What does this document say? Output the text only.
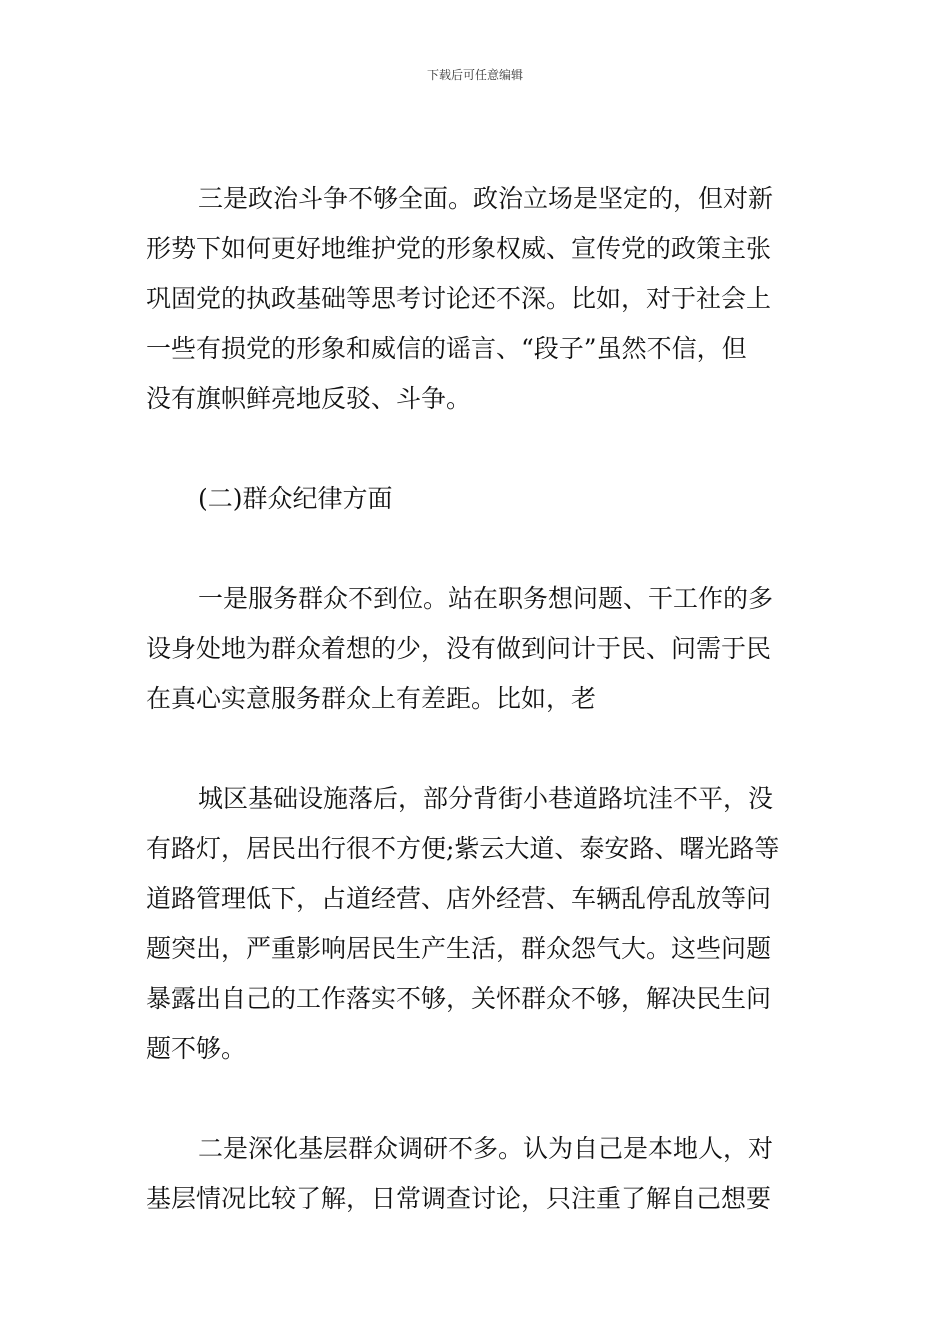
下载后可任意编辑
三是政治斗争不够全面。政治立场是坚定的，但对新
形势下如何更好地维护党的形象权威、宣传党的政策主张
巩固党的执政基础等思考讨论还不深。比如，对于社会上
一些有损党的形象和威信的谣言、“段子”虽然不信，但
没有旗帜鲜亮地反驳、斗争。
(二)群众纪律方面
一是服务群众不到位。站在职务想问题、干工作的多
设身处地为群众着想的少，没有做到问计于民、问需于民
在真心实意服务群众上有差距。比如，老
城区基础设施落后，部分背街小巷道路坑洼不平，没
有路灯，居民出行很不方便;紫云大道、泰安路、曙光路等
道路管理低下，占道经营、店外经营、车辆乱停乱放等问
题突出，严重影响居民生产生活，群众怨气大。这些问题
暴露出自己的工作落实不够，关怀群众不够，解决民生问
题不够。
二是深化基层群众调研不多。认为自己是本地人，对
基层情况比较了解，日常调查讨论，只注重了解自己想要
